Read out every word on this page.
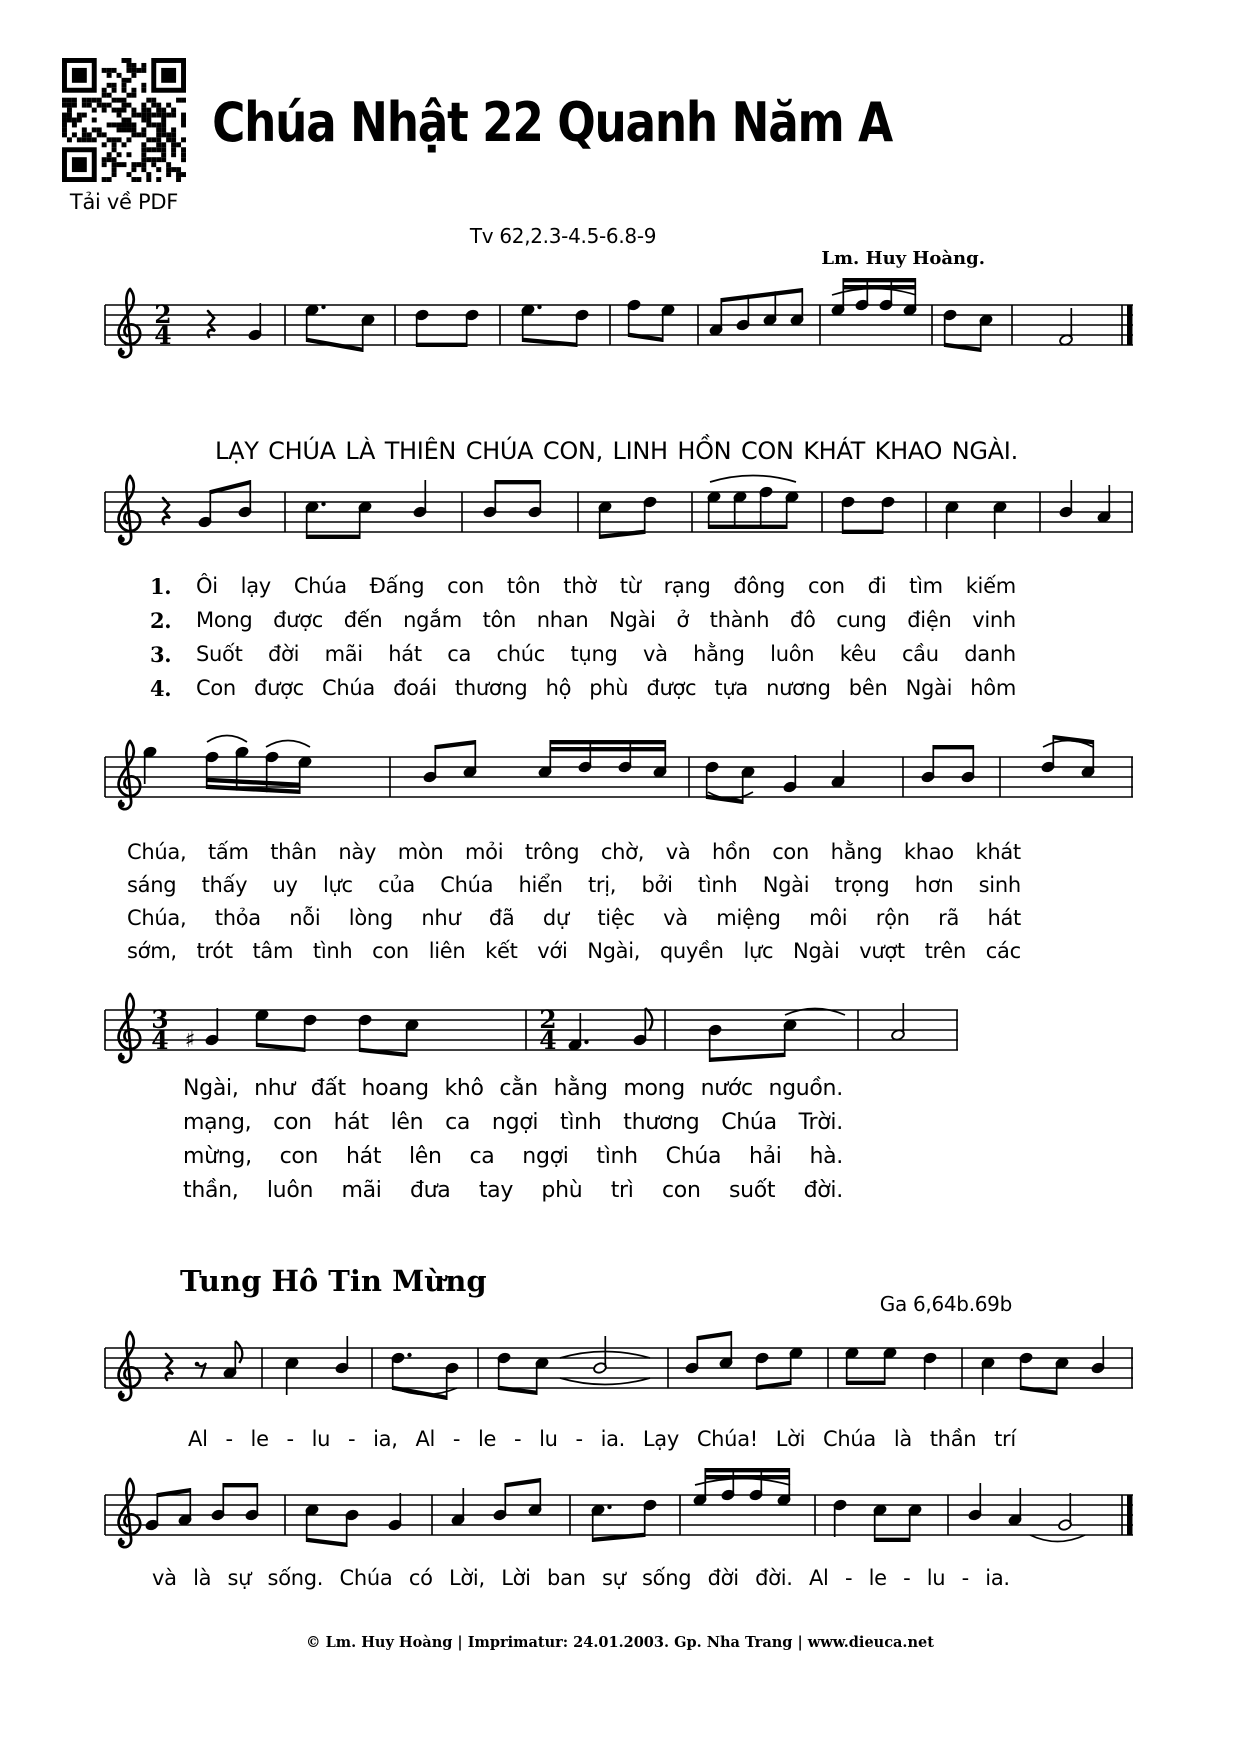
2
4
3
4 ♯
2
4
Tải về PDF
Chúa Nhật 22 Quanh Năm A
Tv 62,2.3-4.5-6.8-9
Lm. Huy Hoàng.
LẠY CHÚA LÀ THIÊN CHÚA CON, LINH HỒN CON KHÁT KHAO NGÀI.
1.	Ôi lạy Chúa Đấng con tôn thờ từ rạng đông con đi tìm kiếm
2.	Mong được đến ngắm tôn nhan Ngài ở thành đô cung điện vinh
3.	Suốt đời mãi hát ca chúc tụng và hằng luôn kêu cầu danh
4.	Con được Chúa đoái thương hộ phù được tựa nương bên Ngài hôm
Chúa, tấm thân này mòn mỏi trông chờ, và hồn con hằng khao khát
sáng thấy uy lực của Chúa hiển trị, bởi tình Ngài trọng hơn sinh
Chúa, thỏa nỗi lòng như đã dự tiệc và miệng môi rộn rã hát
sớm, trót tâm tình con liên kết với Ngài, quyền lực Ngài vượt trên các
Ngài, như đất hoang khô cằn hằng mong nước nguồn.
mạng, con hát lên ca ngợi tình thương Chúa Trời.
mừng, con hát lên ca ngợi tình Chúa hải hà.
thần, luôn mãi đưa tay phù trì con suốt đời.
Tung Hô Tin Mừng
Ga 6,64b.69b
Al - le - lu - ia, Al - le - lu - ia. Lạy Chúa! Lời Chúa là thần trí
và là sự sống. Chúa có Lời, Lời ban sự sống đời đời. Al - le - lu - ia.
© Lm. Huy Hoàng | Imprimatur: 24.01.2003. Gp. Nha Trang | www.dieuca.net
